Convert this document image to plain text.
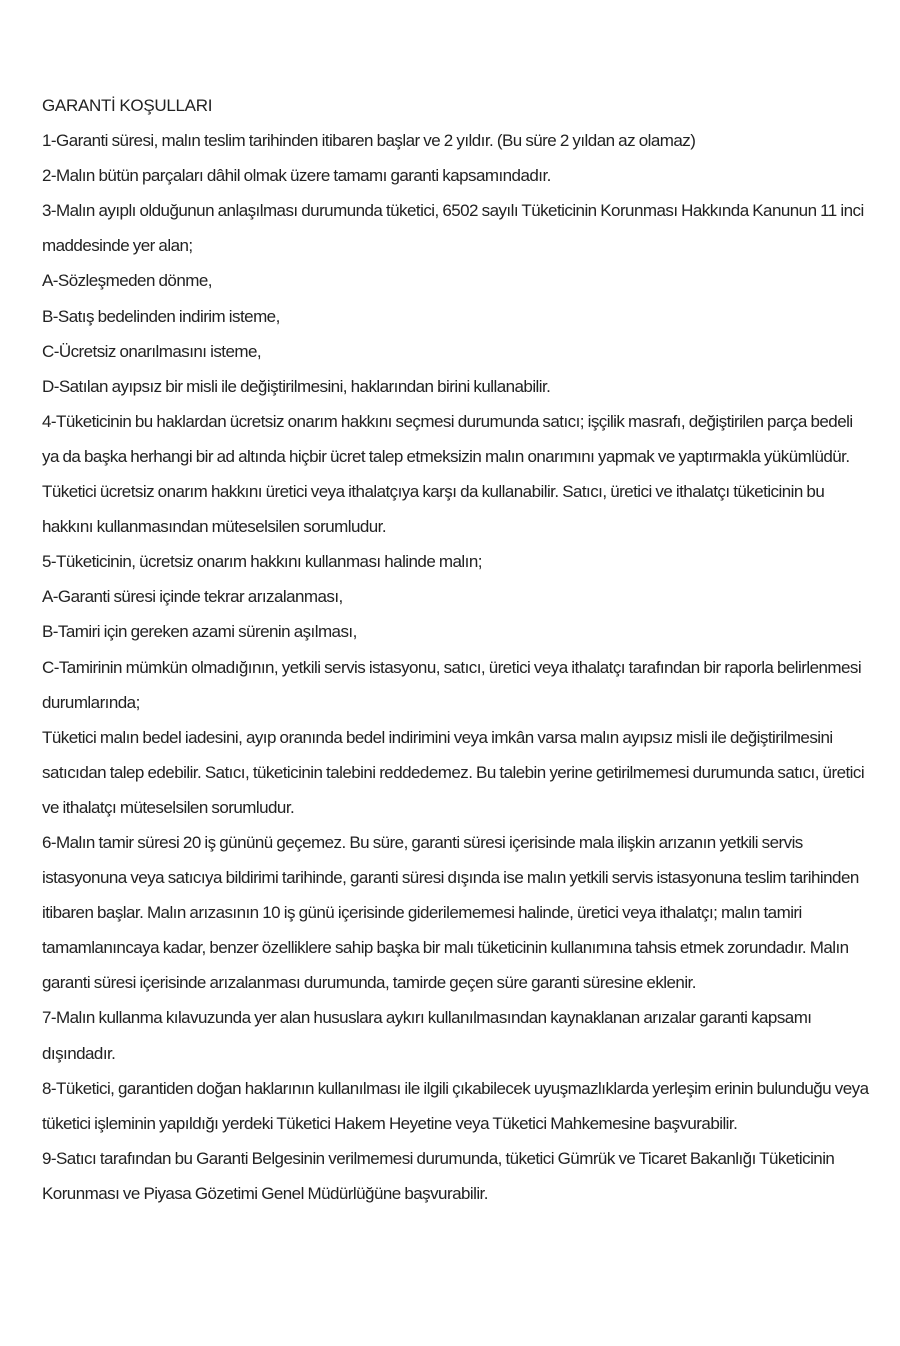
GARANTİ KOŞULLARI

1-Garanti süresi, malın teslim tarihinden itibaren başlar ve 2 yıldır. (Bu süre 2 yıldan az olamaz)

2-Malın bütün parçaları dâhil olmak üzere tamamı garanti kapsamındadır.

3-Malın ayıplı olduğunun anlaşılması durumunda tüketici, 6502 sayılı Tüketicinin Korunması Hakkında Kanunun 11 inci maddesinde yer alan;

A-Sözleşmeden dönme,

B-Satış bedelinden indirim isteme,

C-Ücretsiz onarılmasını isteme,

D-Satılan ayıpsız bir misli ile değiştirilmesini, haklarından birini kullanabilir.

4-Tüketicinin bu haklardan ücretsiz onarım hakkını seçmesi durumunda satıcı; işçilik masrafı, değiştirilen parça bedeli ya da başka herhangi bir ad altında hiçbir ücret talep etmeksizin malın onarımını yapmak ve yaptırmakla yükümlüdür. Tüketici ücretsiz onarım hakkını üretici veya ithalatçıya karşı da kullanabilir. Satıcı, üretici ve ithalatçı tüketicinin bu hakkını kullanmasından müteselsilen sorumludur.

5-Tüketicinin, ücretsiz onarım hakkını kullanması halinde malın;

A-Garanti süresi içinde tekrar arızalanması,

B-Tamiri için gereken azami sürenin aşılması,

C-Tamirinin mümkün olmadığının, yetkili servis istasyonu, satıcı, üretici veya ithalatçı tarafından bir raporla belirlenmesi durumlarında;

Tüketici malın bedel iadesini, ayıp oranında bedel indirimini veya imkân varsa malın ayıpsız misli ile değiştirilmesini satıcıdan talep edebilir. Satıcı, tüketicinin talebini reddedemez. Bu talebin yerine getirilmemesi durumunda satıcı, üretici ve ithalatçı müteselsilen sorumludur.

6-Malın tamir süresi 20 iş gününü geçemez. Bu süre, garanti süresi içerisinde mala ilişkin arızanın yetkili servis istasyonuna veya satıcıya bildirimi tarihinde, garanti süresi dışında ise malın yetkili servis istasyonuna teslim tarihinden itibaren başlar. Malın arızasının 10 iş günü içerisinde giderilememesi halinde, üretici veya ithalatçı; malın tamiri tamamlanıncaya kadar, benzer özelliklere sahip başka bir malı tüketicinin kullanımına tahsis etmek zorundadır. Malın garanti süresi içerisinde arızalanması durumunda, tamirde geçen süre garanti süresine eklenir.

7-Malın kullanma kılavuzunda yer alan hususlara aykırı kullanılmasından kaynaklanan arızalar garanti kapsamı dışındadır.

8-Tüketici, garantiden doğan haklarının kullanılması ile ilgili çıkabilecek uyuşmazlıklarda yerleşim erinin bulunduğu veya tüketici işleminin yapıldığı yerdeki Tüketici Hakem Heyetine veya Tüketici Mahkemesine başvurabilir.

9-Satıcı tarafından bu Garanti Belgesinin verilmemesi durumunda, tüketici Gümrük ve Ticaret Bakanlığı Tüketicinin Korunması ve Piyasa Gözetimi Genel Müdürlüğüne başvurabilir.
